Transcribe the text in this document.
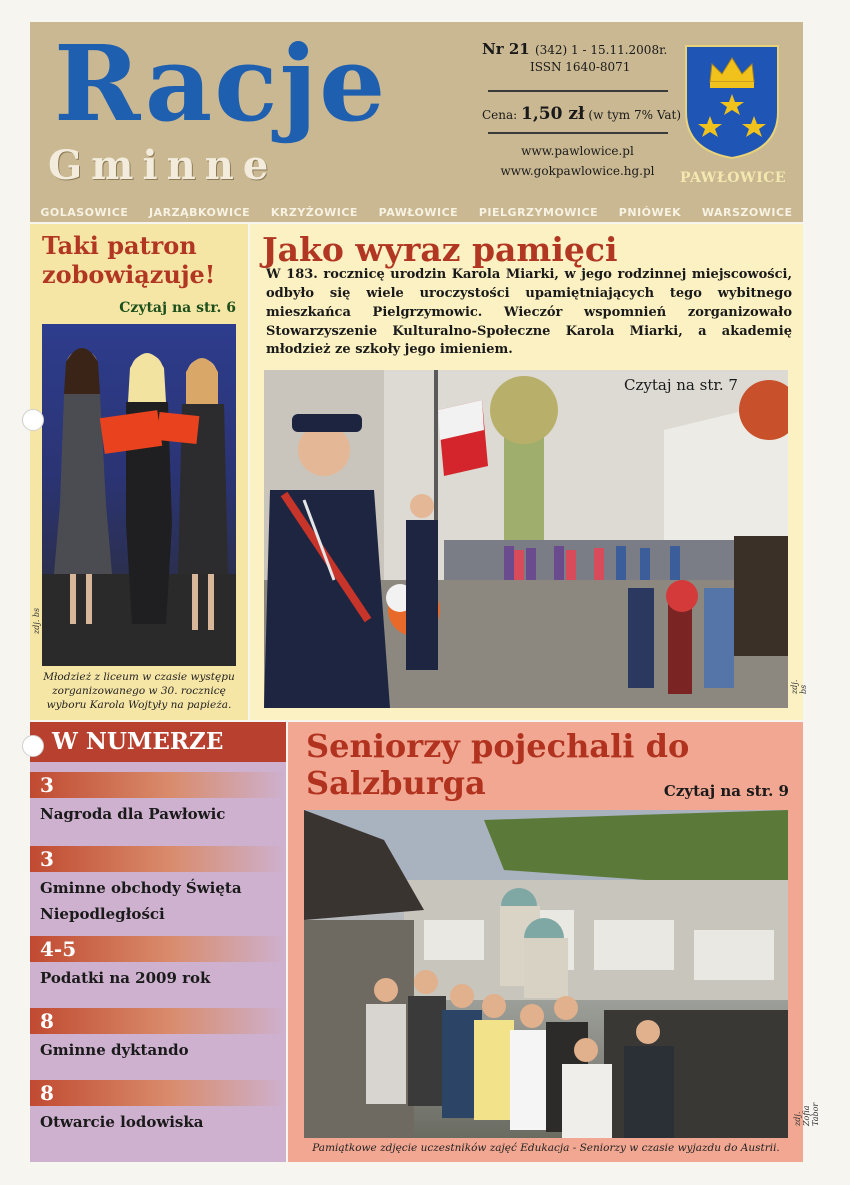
Racje
Gminne
Nr 21 (342) 1 - 15.11.2008r.
ISSN 1640-8071
Cena: 1,50 zł (w tym 7% Vat)
www.pawlowice.pl
www.gokpawlowice.hg.pl	PAWŁOWICE
GOLASOWICE JARZĄBKOWICE KRZYŻOWICE PAWŁOWICE PIELGRZYMOWICE PNIÓWEK WARSZOWICE
Taki patron zobowiązuje!
Czytaj na str. 6
zdj. bs
Młodzież z liceum w czasie występu zorganizowanego w 30. rocznicę wyboru Karola Wojtyły na papieża.
Jako wyraz pamięci
W 183. rocznicę urodzin Karola Miarki, w jego rodzinnej miejscowości, odbyło się wiele uroczystości upamiętniających tego wybitnego mieszkańca Pielgrzymowic. Wieczór wspomnień zorganizowało Stowarzyszenie Kulturalno-Społeczne Karola Miarki, a akademię młodzież ze szkoły jego imieniem.
Czytaj na str. 7
zdj. bs
W NUMERZE
3
Nagroda dla Pawłowic
3
Gminne obchody Święta Niepodległości
4-5
Podatki na 2009 rok
8
Gminne dyktando
8
Otwarcie lodowiska
Seniorzy pojechali do Salzburga	Czytaj na str. 9
zdj. Zofia Tabor
Pamiątkowe zdjęcie uczestników zajęć Edukacja - Seniorzy w czasie wyjazdu do Austrii.
